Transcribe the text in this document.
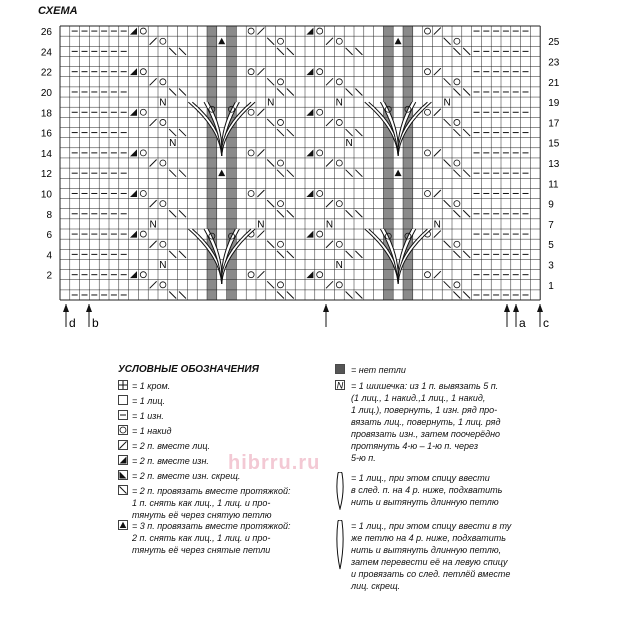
СХЕМА
N
N
N
N
N
N
N
N
N
N
N
N
26
24
22
20
18
16
14
12
10
8
6
4
2
25
23
21
19
17
15
13
11
9
7
5
3
1
d b	a c
УСЛОВНЫЕ ОБОЗНАЧЕНИЯ
= 1 кром.
= 1 лиц.
= 1 изн.
= 1 накид
= 2 п. вместе лиц.
= 2 п. вместе изн.
= 2 п. вместе изн. скрещ.
= 2 п. провязать вместе протяжкой:
1 п. снять как лиц., 1 лиц. и про-
тянуть её через снятую петлю
= 3 п. провязать вместе протяжкой:
2 п. снять как лиц., 1 лиц. и про-
тянуть её через снятые петли
= нет петли
N = 1 шишечка: из 1 п. вывязать 5 п.
(1 лиц., 1 накид.,1 лиц., 1 накид,
1 лиц.), повернуть, 1 изн. ряд про-
вязать лиц., повернуть, 1 лиц. ряд
провязать изн., затем поочерёдно
протянуть 4-ю – 1-ю п. через
5-ю п.
= 1 лиц., при этом спицу ввести
в след. п. на 4 р. ниже, подхватить
нить и вытянуть длинную петлю
= 1 лиц., при этом спицу ввести в ту
же петлю на 4 р. ниже, подхватить
нить и вытянуть длинную петлю,
затем перевести её на левую спицу
и провязать со след. петлёй вместе
лиц. скрещ.
hibrru.ru
